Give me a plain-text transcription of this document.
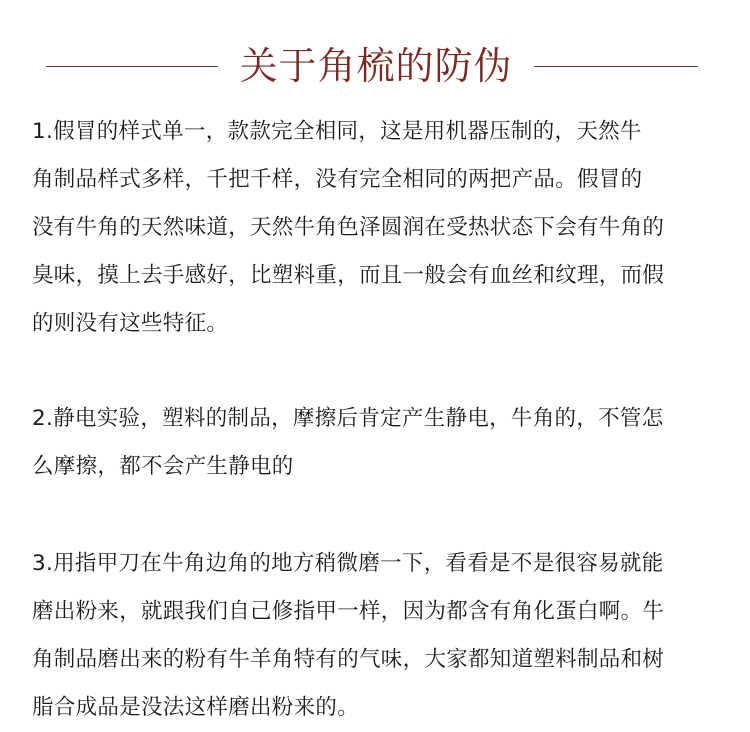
关于角梳的防伪
1.假冒的样式单一，款款完全相同，这是用机器压制的，天然牛
角制品样式多样，千把千样，没有完全相同的两把产品。假冒的
没有牛角的天然味道，天然牛角色泽圆润在受热状态下会有牛角的
臭味，摸上去手感好，比塑料重，而且一般会有血丝和纹理，而假
的则没有这些特征。
2.静电实验，塑料的制品，摩擦后肯定产生静电，牛角的，不管怎
么摩擦，都不会产生静电的
3.用指甲刀在牛角边角的地方稍微磨一下，看看是不是很容易就能
磨出粉来，就跟我们自己修指甲一样，因为都含有角化蛋白啊。牛
角制品磨出来的粉有牛羊角特有的气味，大家都知道塑料制品和树
脂合成品是没法这样磨出粉来的。
